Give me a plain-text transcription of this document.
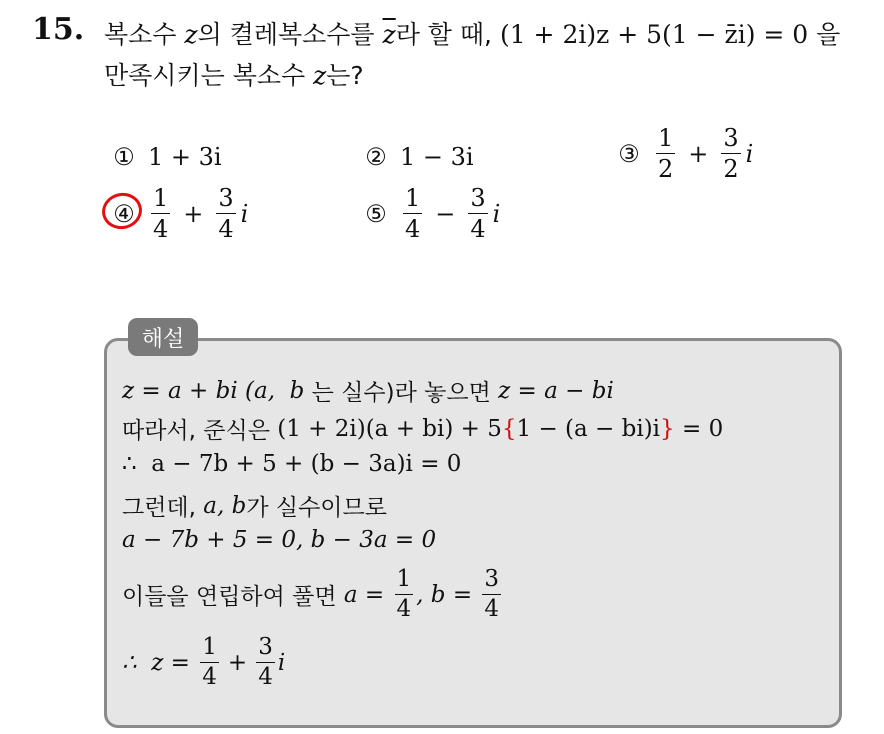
15. 복소수 z의 켤레복소수를 $\overline{z}$라 할 때, (1 + 2i)z + 5(1 − z̄i) = 0 을
만족시키는 복소수 z는?
① 1 + 3i	② 1 − 3i	③ $\frac{1}{2} + \frac{3}{2}$ i
④ $\frac{1}{4} + \frac{3}{4}$ i	⑤ $\frac{1}{4} - \frac{3}{4}$ i
해설
z = a + bi (a,  b 는 실수)라 놓으면 z = a − bi
따라서, 준식은 (1 + 2i)(a + bi) + 5 { 1 − (a − bi)i } = 0
∴  a − 7b + 5 + (b − 3a)i = 0
그런데, a, b 가 실수이므로
a − 7b + 5 = 0, b − 3a = 0
이들을 연립하여 풀면 $a = \frac{1}{4}$ , $b = \frac{3}{4}$
∴  $z = \frac{1}{4} + \frac{3}{4}$ i
